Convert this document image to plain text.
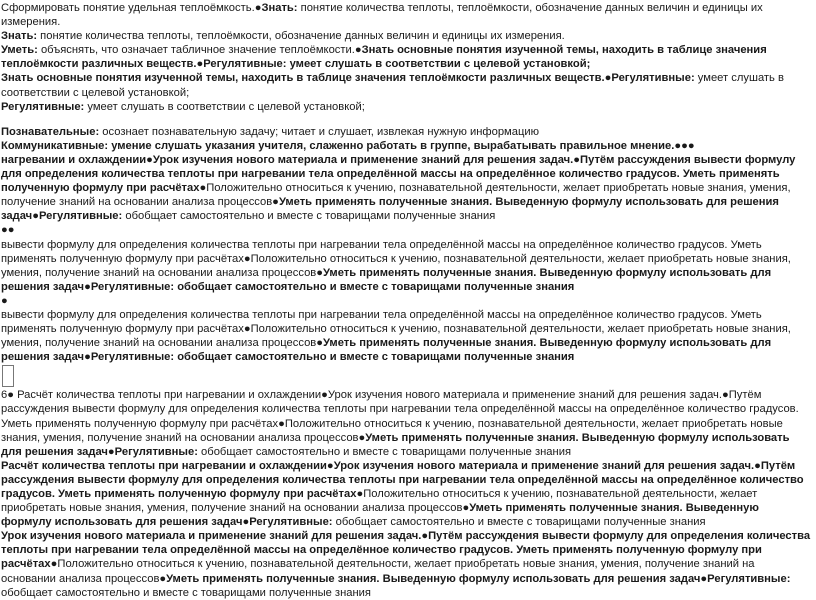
Сформировать понятие удельная теплоёмкость.●Знать: понятие количества теплоты, теплоёмкости, обозначение данных величин и единицы их измерения.

Знать: понятие количества теплоты, теплоёмкости, обозначение данных величин и единицы их измерения.

Уметь: объяснять, что означает табличное значение теплоёмкости.●Знать основные понятия изученной темы, находить в таблице значения теплоёмкости различных веществ.●Регулятивные: умеет слушать в соответствии с целевой установкой;

Знать основные понятия изученной темы, находить в таблице значения теплоёмкости различных веществ.●Регулятивные: умеет слушать в соответствии с целевой установкой;

Регулятивные: умеет слушать в соответствии с целевой установкой;

Познавательные: осознает познавательную задачу; читает и слушает, извлекая нужную информацию

Коммуникативные: умение слушать указания учителя, слаженно работать в группе, вырабатывать правильное мнение.●●●

нагревании и охлаждении●Урок изучения нового материала и применение знаний для решения задач.●Путём рассуждения вывести формулу для определения количества теплоты при нагревании тела определённой массы на определённое количество градусов. Уметь применять полученную формулу при расчётах●Положительно относиться к учению, познавательной деятельности, желает приобретать новые знания, умения, получение знаний на основании анализа процессов●Уметь применять полученные знания. Выведенную формулу использовать для решения задач●Регулятивные: обобщает самостоятельно и вместе с товарищами полученные знания

●●

вывести формулу для определения количества теплоты при нагревании тела определённой массы на определённое количество градусов. Уметь применять полученную формулу при расчётах●Положительно относиться к учению, познавательной деятельности, желает приобретать новые знания, умения, получение знаний на основании анализа процессов●Уметь применять полученные знания. Выведенную формулу использовать для решения задач●Регулятивные: обобщает самостоятельно и вместе с товарищами полученные знания

●

вывести формулу для определения количества теплоты при нагревании тела определённой массы на определённое количество градусов. Уметь применять полученную формулу при расчётах●Положительно относиться к учению, познавательной деятельности, желает приобретать новые знания, умения, получение знаний на основании анализа процессов●Уметь применять полученные знания. Выведенную формулу использовать для решения задач●Регулятивные: обобщает самостоятельно и вместе с товарищами полученные знания

6● Расчёт количества теплоты при нагревании и охлаждении●Урок изучения нового материала и применение знаний для решения задач.●Путём рассуждения вывести формулу для определения количества теплоты при нагревании тела определённой массы на определённое количество градусов. Уметь применять полученную формулу при расчётах●Положительно относиться к учению, познавательной деятельности, желает приобретать новые знания, умения, получение знаний на основании анализа процессов●Уметь применять полученные знания. Выведенную формулу использовать для решения задач●Регулятивные: обобщает самостоятельно и вместе с товарищами полученные знания

Расчёт количества теплоты при нагревании и охлаждении●Урок изучения нового материала и применение знаний для решения задач.●Путём рассуждения вывести формулу для определения количества теплоты при нагревании тела определённой массы на определённое количество градусов. Уметь применять полученную формулу при расчётах●Положительно относиться к учению, познавательной деятельности, желает приобретать новые знания, умения, получение знаний на основании анализа процессов●Уметь применять полученные знания. Выведенную формулу использовать для решения задач●Регулятивные: обобщает самостоятельно и вместе с товарищами полученные знания

Урок изучения нового материала и применение знаний для решения задач.●Путём рассуждения вывести формулу для определения количества теплоты при нагревании тела определённой массы на определённое количество градусов. Уметь применять полученную формулу при расчётах●Положительно относиться к учению, познавательной деятельности, желает приобретать новые знания, умения, получение знаний на основании анализа процессов●Уметь применять полученные знания. Выведенную формулу использовать для решения задач●Регулятивные: обобщает самостоятельно и вместе с товарищами полученные знания
